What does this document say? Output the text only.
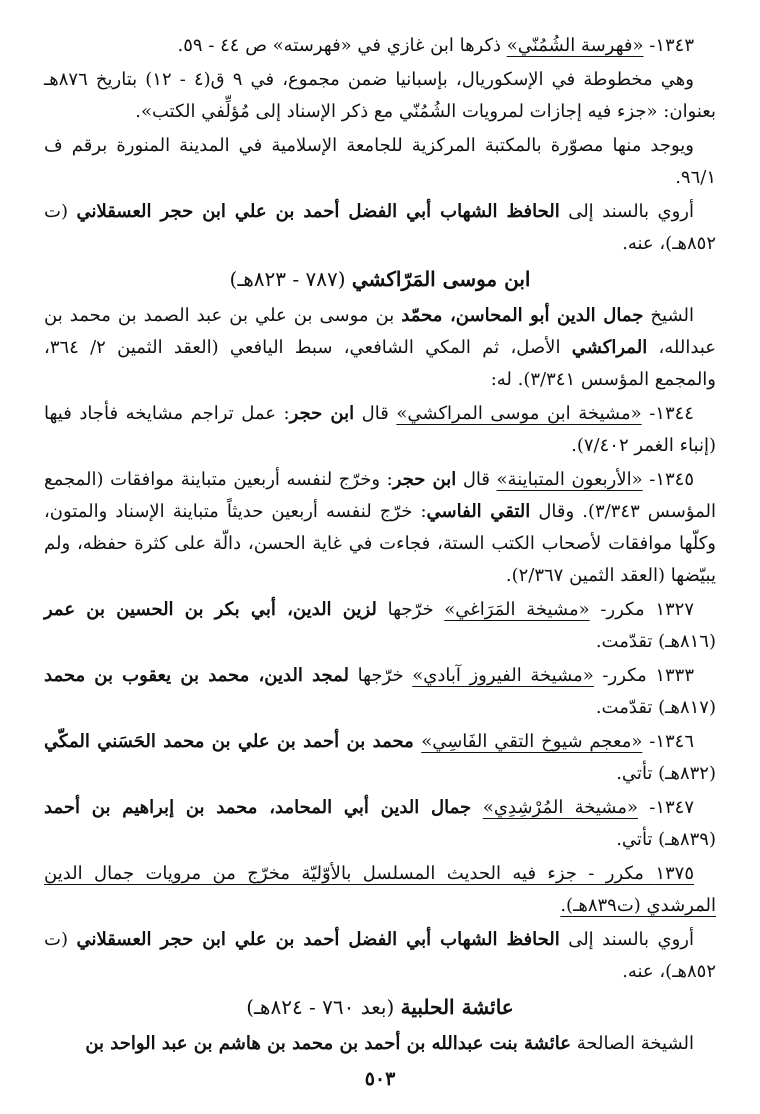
١٣٤٣- «فهرسة الشُمُنّي» ذكرها ابن غازي في «فهرسته» ص ٤٤ - ٥٩.

وهي مخطوطة في الإسكوريال، بإسبانيا ضمن مجموع، في ٩ ق(٤ - ١٢) بتاريخ ٨٧٦هـ بعنوان: «جزء فيه إجازات لمرويات الشُمُنّي مع ذكر الإسناد إلى مُؤلِّفي الكتب».

ويوجد منها مصوّرة بالمكتبة المركزية للجامعة الإسلامية في المدينة المنورة برقم ف ٩٦/١.

أروي بالسند إلى الحافظ الشهاب أبي الفضل أحمد بن علي ابن حجر العسقلاني (ت ٨٥٢هـ)، عنه.

ابن موسى المَرّاكشي (٧٨٧ - ٨٢٣هـ)

الشيخ جمال الدين أبو المحاسن، محمّد بن موسى بن علي بن عبد الصمد بن محمد بن عبدالله، المراكشي الأصل، ثم المكي الشافعي، سبط اليافعي (العقد الثمين ٢/ ٣٦٤، والمجمع المؤسس ٣/٣٤١). له:

١٣٤٤- «مشيخة ابن موسى المراكشي» قال ابن حجر: عمل تراجم مشايخه فأجاد فيها (إنباء الغمر ٧/٤٠٢).

١٣٤٥- «الأربعون المتباينة» قال ابن حجر: وخرّج لنفسه أربعين متباينة موافقات (المجمع المؤسس ٣/٣٤٣). وقال التقي الفاسي: خرّج لنفسه أربعين حديثاً متباينة الإسناد والمتون، وكلّها موافقات لأصحاب الكتب الستة، فجاءت في غاية الحسن، دالّة على كثرة حفظه، ولم يبيّضها (العقد الثمين ٢/٣٦٧).

١٣٢٧ مكرر- «مشيخة المَرَاغي» خرّجها لزين الدين، أبي بكر بن الحسين بن عمر (٨١٦هـ) تقدّمت.

١٣٣٣ مكرر- «مشيخة الفيروز آبادي» خرّجها لمجد الدين، محمد بن يعقوب بن محمد (٨١٧هـ) تقدّمت.

١٣٤٦- «معجم شيوخ التقي الفَاسِي» محمد بن أحمد بن علي بن محمد الحَسَني المكّي (٨٣٢هـ) تأتي.

١٣٤٧- «مشيخة المُرْشِدِي» جمال الدين أبي المحامد، محمد بن إبراهيم بن أحمد (٨٣٩هـ) تأتي.

١٣٧٥ مكرر - جزء فيه الحديث المسلسل بالأوّليّة مخرّج من مرويات جمال الدين المرشدي (ت٨٣٩هـ).

أروي بالسند إلى الحافظ الشهاب أبي الفضل أحمد بن علي ابن حجر العسقلاني (ت ٨٥٢هـ)، عنه.

عائشة الحلبية (بعد ٧٦٠ - ٨٢٤هـ)

الشيخة الصالحة عائشة بنت عبدالله بن أحمد بن محمد بن هاشم بن عبد الواحد بن

٥٠٣
